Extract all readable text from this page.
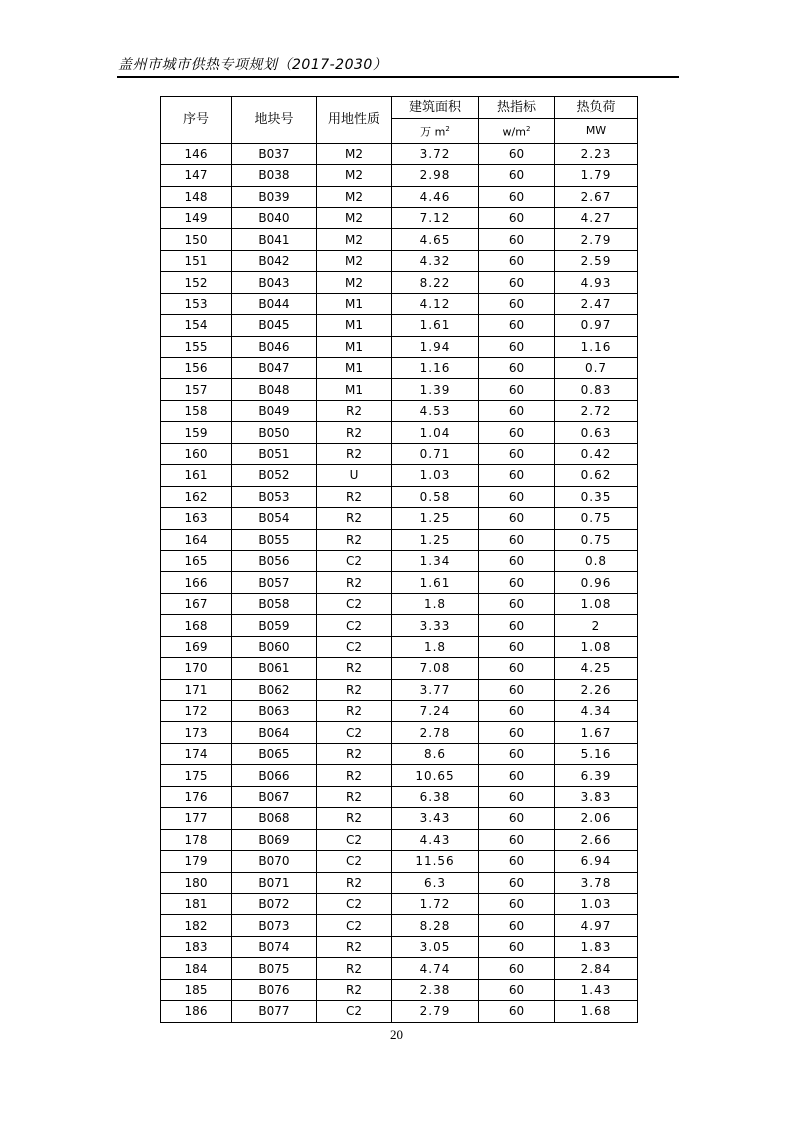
盖州市城市供热专项规划（2017-2030）
序号	地块号	用地性质	建筑面积	热指标	热负荷
			万 $m^2$	$w/m^2$	MW
146	B037	M2	3.72	60	2.23
147	B038	M2	2.98	60	1.79
148	B039	M2	4.46	60	2.67
149	B040	M2	7.12	60	4.27
150	B041	M2	4.65	60	2.79
151	B042	M2	4.32	60	2.59
152	B043	M2	8.22	60	4.93
153	B044	M1	4.12	60	2.47
154	B045	M1	1.61	60	0.97
155	B046	M1	1.94	60	1.16
156	B047	M1	1.16	60	0.7
157	B048	M1	1.39	60	0.83
158	B049	R2	4.53	60	2.72
159	B050	R2	1.04	60	0.63
160	B051	R2	0.71	60	0.42
161	B052	U	1.03	60	0.62
162	B053	R2	0.58	60	0.35
163	B054	R2	1.25	60	0.75
164	B055	R2	1.25	60	0.75
165	B056	C2	1.34	60	0.8
166	B057	R2	1.61	60	0.96
167	B058	C2	1.8	60	1.08
168	B059	C2	3.33	60	2
169	B060	C2	1.8	60	1.08
170	B061	R2	7.08	60	4.25
171	B062	R2	3.77	60	2.26
172	B063	R2	7.24	60	4.34
173	B064	C2	2.78	60	1.67
174	B065	R2	8.6	60	5.16
175	B066	R2	10.65	60	6.39
176	B067	R2	6.38	60	3.83
177	B068	R2	3.43	60	2.06
178	B069	C2	4.43	60	2.66
179	B070	C2	11.56	60	6.94
180	B071	R2	6.3	60	3.78
181	B072	C2	1.72	60	1.03
182	B073	C2	8.28	60	4.97
183	B074	R2	3.05	60	1.83
184	B075	R2	4.74	60	2.84
185	B076	R2	2.38	60	1.43
186	B077	C2	2.79	60	1.68
20
